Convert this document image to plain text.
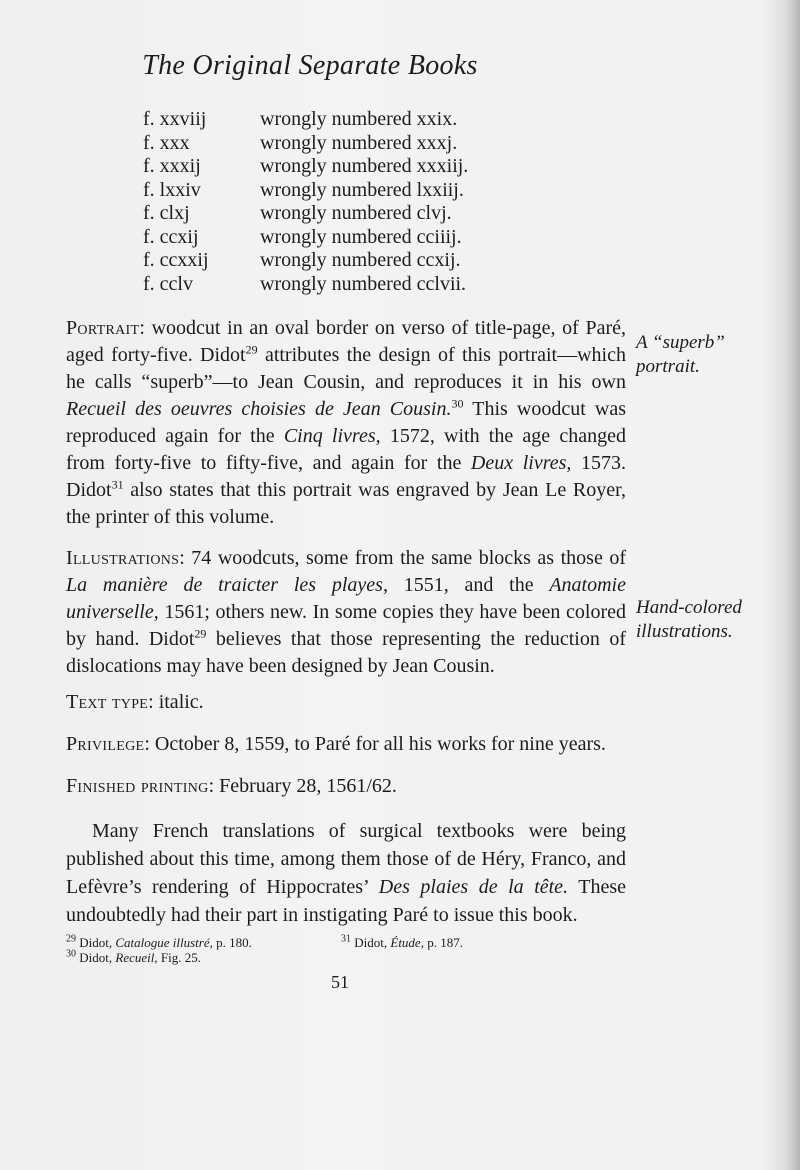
The Original Separate Books
f. xxviij	wrongly numbered xxix.
f. xxx	wrongly numbered xxxj.
f. xxxij	wrongly numbered xxxiij.
f. lxxiv	wrongly numbered lxxiij.
f. clxj	wrongly numbered clvj.
f. ccxij	wrongly numbered cciiij.
f. ccxxij	wrongly numbered ccxij.
f. cclv	wrongly numbered cclvii.

Portrait: woodcut in an oval border on verso of title-page, of Paré, aged forty-five. Didot$^{29}$ attributes the design of this portrait—which he calls “superb”—to Jean Cousin, and reproduces it in his own Recueil des oeuvres choisies de Jean Cousin.$^{30}$ This woodcut was reproduced again for the Cinq livres, 1572, with the age changed from forty-five to fifty-five, and again for the Deux livres, 1573. Didot$^{31}$ also states that this portrait was engraved by Jean Le Royer, the printer of this volume.

A “superb”
portrait.

Illustrations: 74 woodcuts, some from the same blocks as those of La manière de traicter les playes, 1551, and the Anatomie universelle, 1561; others new. In some copies they have been colored by hand. Didot$^{29}$ believes that those representing the reduction of dislocations may have been designed by Jean Cousin.

Hand-colored
illustrations.

Text type: italic.

Privilege: October 8, 1559, to Paré for all his works for nine years.

Finished printing: February 28, 1561/62.

Many French translations of surgical textbooks were being published about this time, among them those of de Héry, Franco, and Lefèvre’s rendering of Hippocrates’ Des plaies de la tête. These undoubtedly had their part in instigating Paré to issue this book.

$^{29}$ Didot, Catalogue illustré, p. 180.	$^{31}$ Didot, Étude, p. 187.
$^{30}$ Didot, Recueil, Fig. 25.
51
